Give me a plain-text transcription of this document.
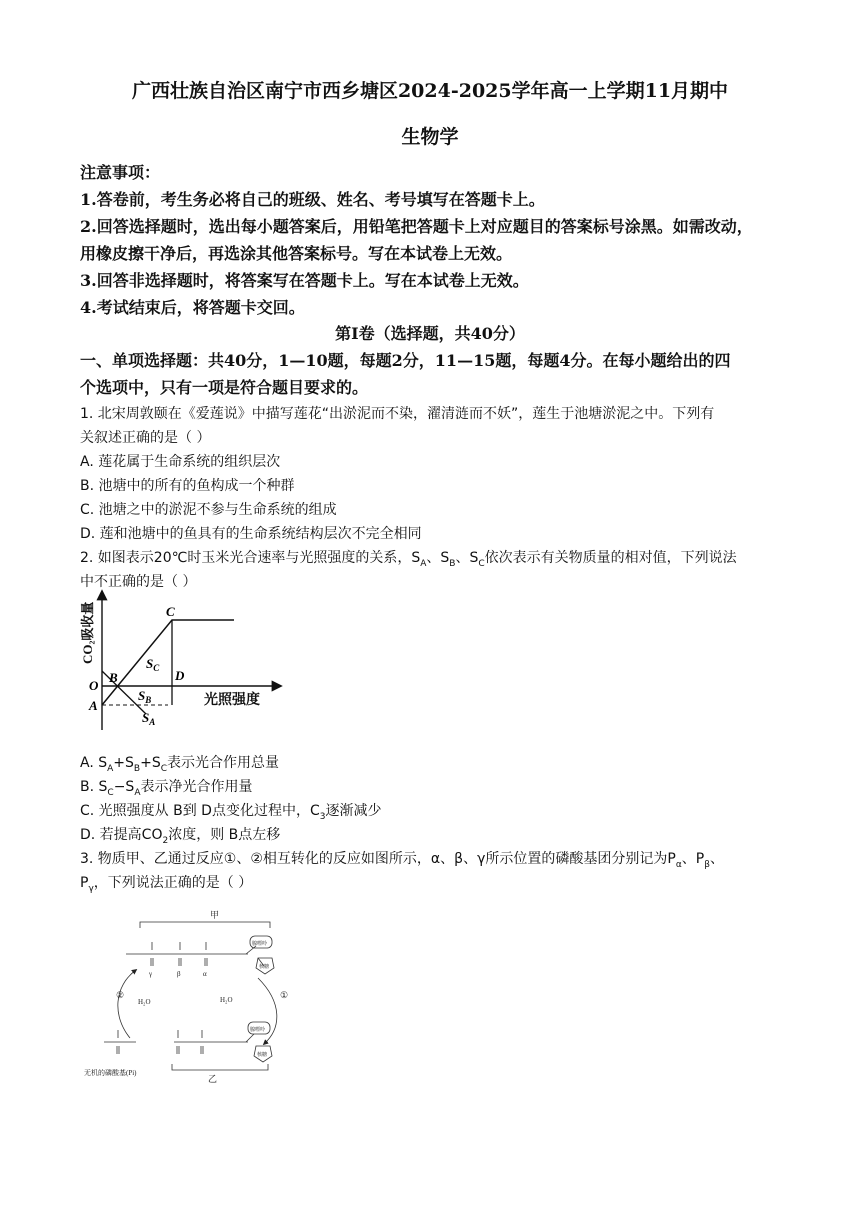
广西壮族自治区南宁市西乡塘区2024-2025学年高一上学期11月期中
生物学
注意事项：
1.答卷前，考生务必将自己的班级、姓名、考号填写在答题卡上。
2.回答选择题时，选出每小题答案后，用铅笔把答题卡上对应题目的答案标号涂黑。如需改动，
用橡皮擦干净后，再选涂其他答案标号。写在本试卷上无效。
3.回答非选择题时，将答案写在答题卡上。写在本试卷上无效。
4.考试结束后，将答题卡交回。
第Ⅰ卷（选择题，共40分）
一、单项选择题：共40分，1—10题，每题2分，11—15题，每题4分。在每小题给出的四
个选项中，只有一项是符合题目要求的。
1. 北宋周敦颐在《爱莲说》中描写莲花“出淤泥而不染，濯清涟而不妖”，莲生于池塘淤泥之中。下列有
关叙述正确的是（ ）
A. 莲花属于生命系统的组织层次
B. 池塘中的所有的鱼构成一个种群
C. 池塘之中的淤泥不参与生命系统的组成
D. 莲和池塘中的鱼具有的生命系统结构层次不完全相同
2. 如图表示20℃时玉米光合速率与光照强度的关系，$S_A$、$S_B$、$S_C$依次表示有关物质量的相对值，下列说法
中不正确的是（ ）
CO₂吸收量
光照强度
O
A
B
C
D
$S_C$
$S_B$
$S_A$
A. $S_A+S_B+S_C$表示光合作用总量
B. $S_C-S_A$表示净光合作用量
C. 光照强度从 B到 D点变化过程中，$C_3$逐渐减少
D. 若提高$CO_2$浓度，则 B点左移
3. 物质甲、乙通过反应①、②相互转化的反应如图所示，α、β、γ所示位置的磷酸基团分别记为$P_\alpha$、$P_\beta$、
$P_\gamma$，下列说法正确的是（ ）
甲
乙
γ	β	α
腺嘌呤
核糖
腺嘌呤
核糖
H₂O	H₂O
②	①
无机的磷酸基(Pi)
